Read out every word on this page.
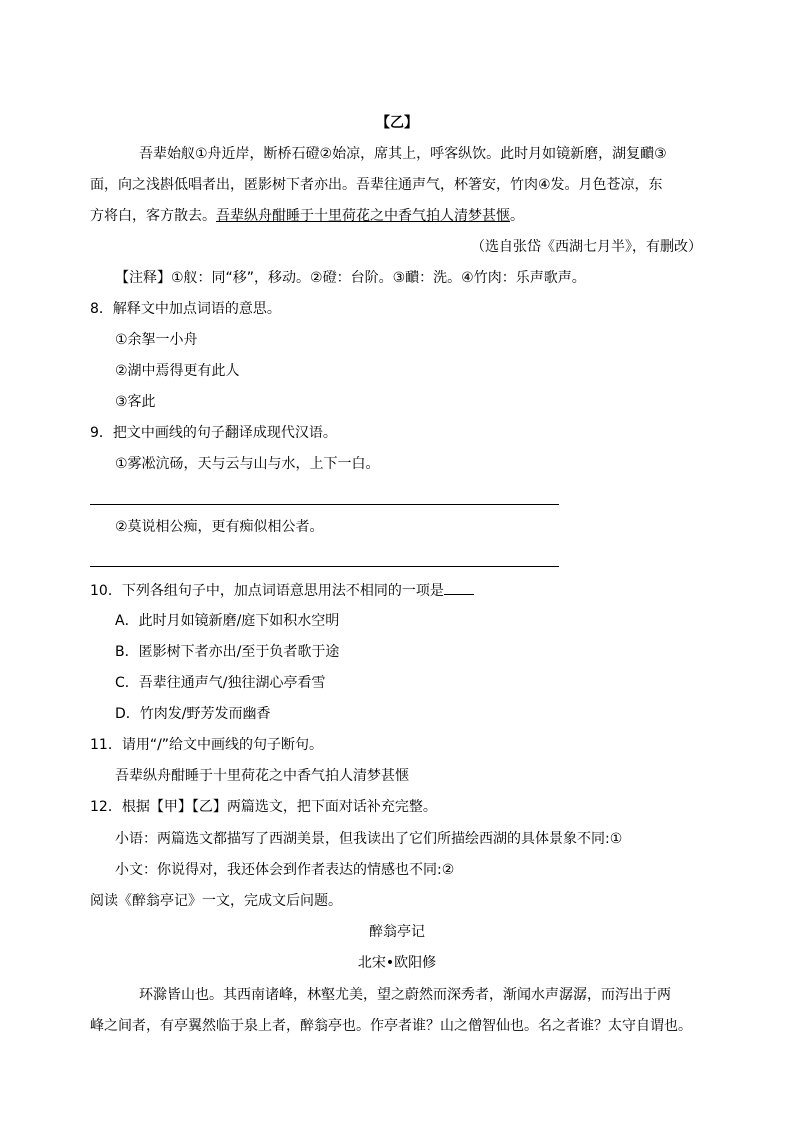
【乙】
吾辈始舣①舟近岸，断桥石磴②始凉，席其上，呼客纵饮。此时月如镜新磨，湖复靧③
面，向之浅斟低唱者出，匿影树下者亦出。吾辈往通声气，杯箸安，竹肉④发。月色苍凉，东
方将白，客方散去。吾辈纵舟酣睡于十里荷花之中香气拍人清梦甚惬。
（选自张岱《西湖七月半》，有删改）
【注释】①舣：同“移”，移动。②磴：台阶。③靧：洗。④竹肉：乐声歌声。
8．解释文中加点词语的意思。
①余挐一小舟
②湖中焉得更有此人
③客此
9．把文中画线的句子翻译成现代汉语。
①雾凇沆砀，天与云与山与水，上下一白。
②莫说相公痴，更有痴似相公者。
10．下列各组句子中，加点词语意思用法不相同的一项是
A．此时月如镜新磨/庭下如积水空明
B．匿影树下者亦出/至于负者歌于途
C．吾辈往通声气/独往湖心亭看雪
D．竹肉发/野芳发而幽香
11．请用“/”给文中画线的句子断句。
吾辈纵舟酣睡于十里荷花之中香气拍人清梦甚惬
12．根据【甲】【乙】两篇选文，把下面对话补充完整。
小语：两篇选文都描写了西湖美景，但我读出了它们所描绘西湖的具体景象不同:①
小文：你说得对，我还体会到作者表达的情感也不同:②
阅读《醉翁亭记》一文，完成文后问题。
醉翁亭记
北宋•欧阳修
环滁皆山也。其西南诸峰，林壑尤美，望之蔚然而深秀者，渐闻水声潺潺，而泻出于两
峰之间者，有亭翼然临于泉上者，醉翁亭也。作亭者谁？山之僧智仙也。名之者谁？太守自谓也。
